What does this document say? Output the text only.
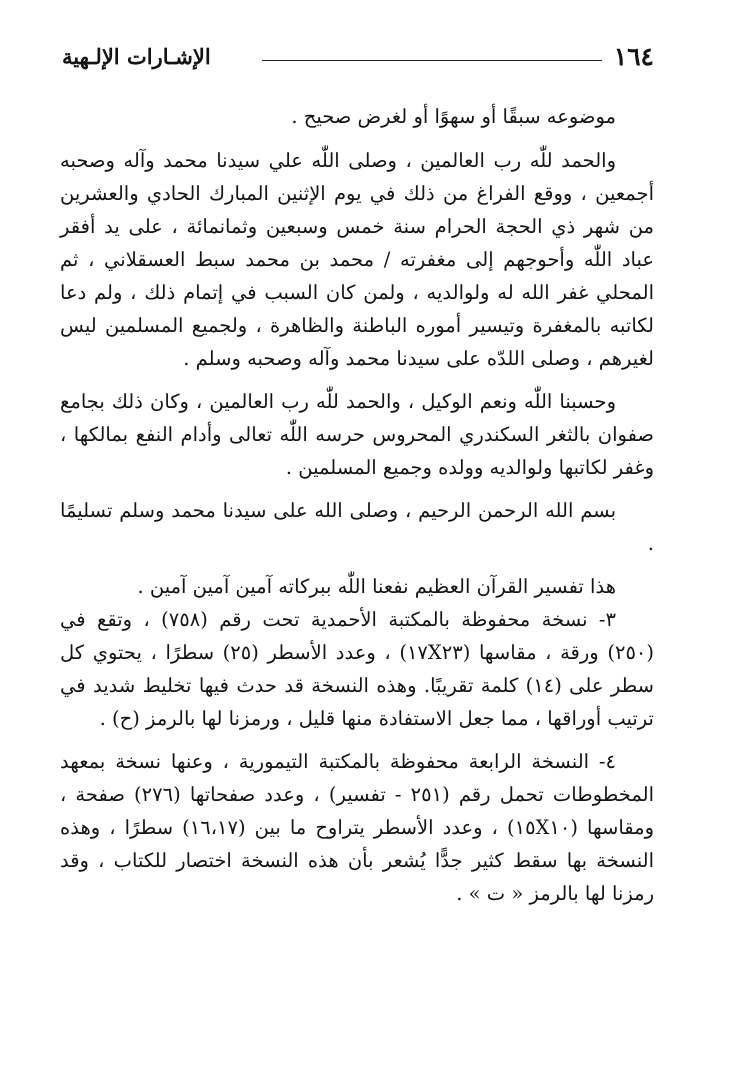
١٦٤
الإشـارات الإلـهية

موضوعه سبقًا أو سهوًا أو لغرض صحيح .

والحمد للّٰه رب العالمين ، وصلى اللّٰه علي سيدنا محمد وآله وصحبه أجمعين ، ووقع الفراغ من ذلك في يوم الإثنين المبارك الحادي والعشرين من شهر ذي الحجة الحرام سنة خمس وسبعين وثمانمائة ، على يد أفقر عباد اللّٰه وأحوجهم إلى مغفرته / محمد بن محمد سبط العسقلاني ، ثم المحلي غفر الله له ولوالديه ، ولمن كان السبب في إتمام ذلك ، ولم دعا لكاتبه بالمغفرة وتيسير أموره الباطنة والظاهرة ، ولجميع المسلمين ليس لغيرهم ، وصلى اللدّه على سيدنا محمد وآله وصحبه وسلم .

وحسبنا اللّٰه ونعم الوكيل ، والحمد للّٰه رب العالمين ، وكان ذلك بجامع صفوان بالثغر السكندري المحروس حرسه اللّٰه تعالى وأدام النفع بمالكها ، وغفر لكاتبها ولوالديه وولده وجميع المسلمين .

بسم الله الرحمن الرحيم ، وصلى الله على سيدنا محمد وسلم تسليمًا .

هذا تفسير القرآن العظيم نفعنا اللّٰه ببركاته آمين آمين آمين .

٣- نسخة محفوظة بالمكتبة الأحمدية تحت رقم (٧٥٨) ، وتقع في (٢٥٠) ورقة ، مقاسها (١٧X٢٣) ، وعدد الأسطر (٢٥) سطرًا ، يحتوي كل سطر على (١٤) كلمة تقريبًا. وهذه النسخة قد حدث فيها تخليط شديد في ترتيب أوراقها ، مما جعل الاستفادة منها قليل ، ورمزنا لها بالرمز (ح) .

٤- النسخة الرابعة محفوظة بالمكتبة التيمورية ، وعنها نسخة بمعهد المخطوطات تحمل رقم (٢٥١ - تفسير) ، وعدد صفحاتها (٢٧٦) صفحة ، ومقاسها (١٥X١٠) ، وعدد الأسطر يتراوح ما بين (١٦،١٧) سطرًا ، وهذه النسخة بها سقط كثير جدًّا يُشعر بأن هذه النسخة اختصار للكتاب ، وقد رمزنا لها بالرمز « ت » .
